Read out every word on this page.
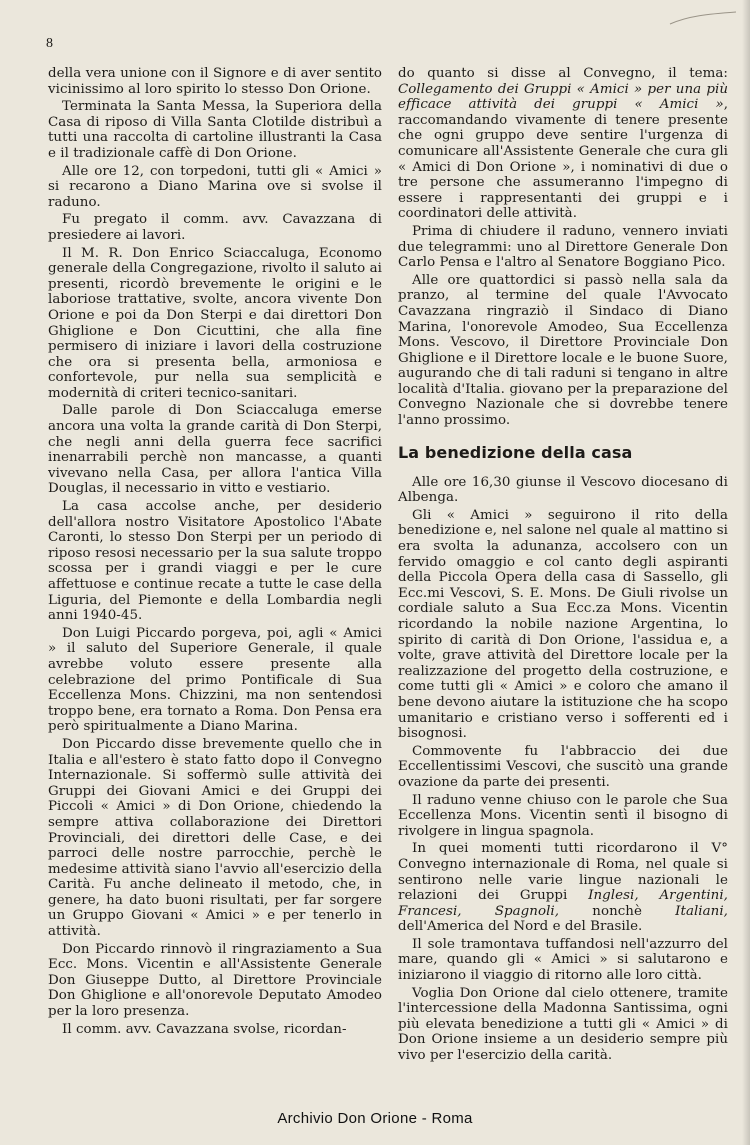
8

della vera unione con il Signore e di aver sentito vicinissimo al loro spirito lo stesso Don Orione.

Terminata la Santa Messa, la Superiora della Casa di riposo di Villa Santa Clotilde distribuì a tutti una raccolta di cartoline illustranti la Casa e il tradizionale caffè di Don Orione.

Alle ore 12, con torpedoni, tutti gli « Amici » si recarono a Diano Marina ove si svolse il raduno.

Fu pregato il comm. avv. Cavazzana di presiedere ai lavori.

Il M. R. Don Enrico Sciaccaluga, Economo generale della Congregazione, rivolto il saluto ai presenti, ricordò brevemente le origini e le laboriose trattative, svolte, ancora vivente Don Orione e poi da Don Sterpi e dai direttori Don Ghiglione e Don Cicuttini, che alla fine permisero di iniziare i lavori della costruzione che ora si presenta bella, armoniosa e confortevole, pur nella sua semplicità e modernità di criteri tecnico-sanitari.

Dalle parole di Don Sciaccaluga emerse ancora una volta la grande carità di Don Sterpi, che negli anni della guerra fece sacrifici inenarrabili perchè non mancasse, a quanti vivevano nella Casa, per allora l'antica Villa Douglas, il necessario in vitto e vestiario.

La casa accolse anche, per desiderio dell'allora nostro Visitatore Apostolico l'Abate Caronti, lo stesso Don Sterpi per un periodo di riposo resosi necessario per la sua salute troppo scossa per i grandi viaggi e per le cure affettuose e continue recate a tutte le case della Liguria, del Piemonte e della Lombardia negli anni 1940-45.

Don Luigi Piccardo porgeva, poi, agli « Amici » il saluto del Superiore Generale, il quale avrebbe voluto essere presente alla celebrazione del primo Pontificale di Sua Eccellenza Mons. Chizzini, ma non sentendosi troppo bene, era tornato a Roma. Don Pensa era però spiritualmente a Diano Marina.

Don Piccardo disse brevemente quello che in Italia e all'estero è stato fatto dopo il Convegno Internazionale. Si soffermò sulle attività dei Gruppi dei Giovani Amici e dei Gruppi dei Piccoli « Amici » di Don Orione, chiedendo la sempre attiva collaborazione dei Direttori Provinciali, dei direttori delle Case, e dei parroci delle nostre parrocchie, perchè le medesime attività siano l'avvio all'esercizio della Carità. Fu anche delineato il metodo, che, in genere, ha dato buoni risultati, per far sorgere un Gruppo Giovani « Amici » e per tenerlo in attività.

Don Piccardo rinnovò il ringraziamento a Sua Ecc. Mons. Vicentin e all'Assistente Generale Don Giuseppe Dutto, al Direttore Provinciale Don Ghiglione e all'onorevole Deputato Amodeo per la loro presenza.

Il comm. avv. Cavazzana svolse, ricordan-

do quanto si disse al Convegno, il tema: Collegamento dei Gruppi « Amici » per una più efficace attività dei gruppi « Amici », raccomandando vivamente di tenere presente che ogni gruppo deve sentire l'urgenza di comunicare all'Assistente Generale che cura gli « Amici di Don Orione », i nominativi di due o tre persone che assumeranno l'impegno di essere i rappresentanti dei gruppi e i coordinatori delle attività.

Prima di chiudere il raduno, vennero inviati due telegrammi: uno al Direttore Generale Don Carlo Pensa e l'altro al Senatore Boggiano Pico.

Alle ore quattordici si passò nella sala da pranzo, al termine del quale l'Avvocato Cavazzana ringraziò il Sindaco di Diano Marina, l'onorevole Amodeo, Sua Eccellenza Mons. Vescovo, il Direttore Provinciale Don Ghiglione e il Direttore locale e le buone Suore, augurando che di tali raduni si tengano in altre località d'Italia. giovano per la preparazione del Convegno Nazionale che si dovrebbe tenere l'anno prossimo.

La benedizione della casa

Alle ore 16,30 giunse il Vescovo diocesano di Albenga.

Gli « Amici » seguirono il rito della benedizione e, nel salone nel quale al mattino si era svolta la adunanza, accolsero con un fervido omaggio e col canto degli aspiranti della Piccola Opera della casa di Sassello, gli Ecc.mi Vescovi, S. E. Mons. De Giuli rivolse un cordiale saluto a Sua Ecc.za Mons. Vicentin ricordando la nobile nazione Argentina, lo spirito di carità di Don Orione, l'assidua e, a volte, grave attività del Direttore locale per la realizzazione del progetto della costruzione, e come tutti gli « Amici » e coloro che amano il bene devono aiutare la istituzione che ha scopo umanitario e cristiano verso i sofferenti ed i bisognosi.

Commovente fu l'abbraccio dei due Eccellentissimi Vescovi, che suscitò una grande ovazione da parte dei presenti.

Il raduno venne chiuso con le parole che Sua Eccellenza Mons. Vicentin sentì il bisogno di rivolgere in lingua spagnola.

In quei momenti tutti ricordarono il V° Convegno internazionale di Roma, nel quale si sentirono nelle varie lingue nazionali le relazioni dei Gruppi Inglesi, Argentini, Francesi, Spagnoli, nonchè Italiani, dell'America del Nord e del Brasile.

Il sole tramontava tuffandosi nell'azzurro del mare, quando gli « Amici » si salutarono e iniziarono il viaggio di ritorno alle loro città.

Voglia Don Orione dal cielo ottenere, tramite l'intercessione della Madonna Santissima, ogni più elevata benedizione a tutti gli « Amici » di Don Orione insieme a un desiderio sempre più vivo per l'esercizio della carità.

Archivio Don Orione - Roma
